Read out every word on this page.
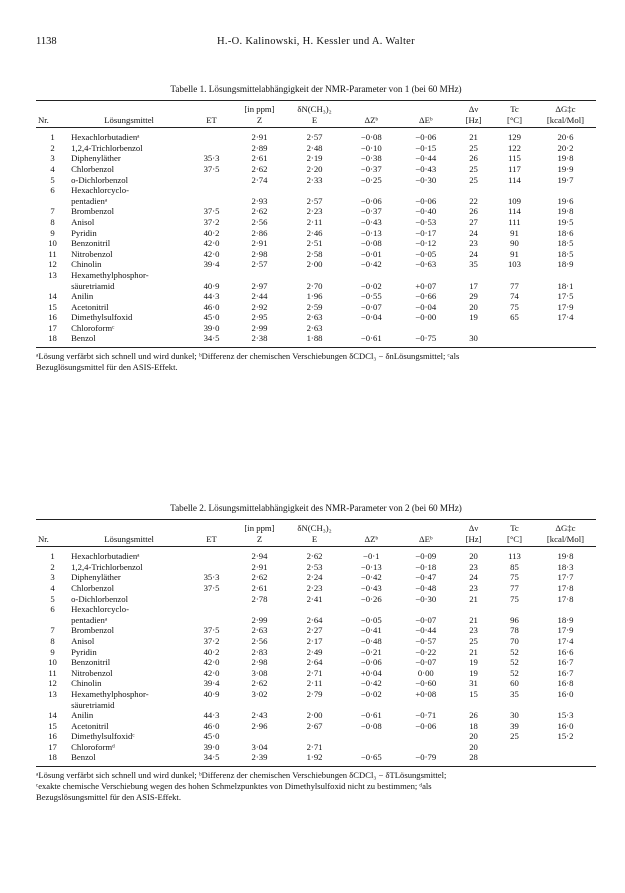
1138	H.-O. Kalinowski, H. Kessler und A. Walter
Tabelle 1. Lösungsmittelabhängigkeit der NMR-Parameter von 1 (bei 60 MHz)
			[in ppm]	δN(CH₃)₂			Δν	Tc	ΔG‡c
Nr.	Lösungsmittel	ET	Z	E	ΔZᵇ	ΔEᵇ	[Hz]	[°C]	[kcal/Mol]
1	Hexachlorbutadienᵃ		2·91	2·57	−0·08	−0·06	21	129	20·6
2	1,2,4-Trichlorbenzol		2·89	2·48	−0·10	−0·15	25	122	20·2
3	Diphenyläther	35·3	2·61	2·19	−0·38	−0·44	26	115	19·8
4	Chlorbenzol	37·5	2·62	2·20	−0·37	−0·43	25	117	19·9
5	o-Dichlorbenzol		2·74	2·33	−0·25	−0·30	25	114	19·7
6	Hexachlorcyclo-								
	pentadienᵃ		2·93	2·57	−0·06	−0·06	22	109	19·6
7	Brombenzol	37·5	2·62	2·23	−0·37	−0·40	26	114	19·8
8	Anisol	37·2	2·56	2·11	−0·43	−0·53	27	111	19·5
9	Pyridin	40·2	2·86	2·46	−0·13	−0·17	24	91	18·6
10	Benzonitril	42·0	2·91	2·51	−0·08	−0·12	23	90	18·5
11	Nitrobenzol	42·0	2·98	2·58	−0·01	−0·05	24	91	18·5
12	Chinolin	39·4	2·57	2·00	−0·42	−0·63	35	103	18·9
13	Hexamethylphosphor-								
	säuretriamid	40·9	2·97	2·70	−0·02	+0·07	17	77	18·1
14	Anilin	44·3	2·44	1·96	−0·55	−0·66	29	74	17·5
15	Acetonitril	46·0	2·92	2·59	−0·07	−0·04	20	75	17·9
16	Dimethylsulfoxid	45·0	2·95	2·63	−0·04	−0·00	19	65	17·4
17	Chloroformᶜ	39·0	2·99	2·63					
18	Benzol	34·5	2·38	1·88	−0·61	−0·75	30		
ᵃLösung verfärbt sich schnell und wird dunkel; ᵇDifferenz der chemischen Verschiebungen δCDCl₃ − δnLösungsmittel; ᶜals
Bezuglösungsmittel für den ASIS-Effekt.
Tabelle 2. Lösungsmittelabhängigkeit des NMR-Parameter von 2 (bei 60 MHz)
			[in ppm]	δN(CH₃)₂			Δν	Tc	ΔG‡c
Nr.	Lösungsmittel	ET	Z	E	ΔZᵇ	ΔEᵇ	[Hz]	[°C]	[kcal/Mol]
1	Hexachlorbutadienᵃ		2·94	2·62	−0·1	−0·09	20	113	19·8
2	1,2,4-Trichlorbenzol		2·91	2·53	−0·13	−0·18	23	85	18·3
3	Diphenyläther	35·3	2·62	2·24	−0·42	−0·47	24	75	17·7
4	Chlorbenzol	37·5	2·61	2·23	−0·43	−0·48	23	77	17·8
5	o-Dichlorbenzol		2·78	2·41	−0·26	−0·30	21	75	17·8
6	Hexachlorcyclo-								
	pentadienᵃ		2·99	2·64	−0·05	−0·07	21	96	18·9
7	Brombenzol	37·5	2·63	2·27	−0·41	−0·44	23	78	17·9
8	Anisol	37·2	2·56	2·17	−0·48	−0·57	25	70	17·4
9	Pyridin	40·2	2·83	2·49	−0·21	−0·22	21	52	16·6
10	Benzonitril	42·0	2·98	2·64	−0·06	−0·07	19	52	16·7
11	Nitrobenzol	42·0	3·08	2·71	+0·04	0·00	19	52	16·7
12	Chinolin	39·4	2·62	2·11	−0·42	−0·60	31	60	16·8
13	Hexamethylphosphor-	40·9	3·02	2·79	−0·02	+0·08	15	35	16·0
	säuretriamid								
14	Anilin	44·3	2·43	2·00	−0·61	−0·71	26	30	15·3
15	Acetonitril	46·0	2·96	2·67	−0·08	−0·06	18	39	16·0
16	Dimethylsulfoxidᶜ	45·0					20	25	15·2
17	Chloroformᵈ	39·0	3·04	2·71			20		
18	Benzol	34·5	2·39	1·92	−0·65	−0·79	28		
ᵃLösung verfärbt sich schnell und wird dunkel; ᵇDifferenz der chemischen Verschiebungen δCDCl₃ − δTLösungsmittel;
ᶜexakte chemische Verschiebung wegen des hohen Schmelzpunktes von Dimethylsulfoxid nicht zu bestimmen; ᵈals
Bezugslösungsmittel für den ASIS-Effekt.
